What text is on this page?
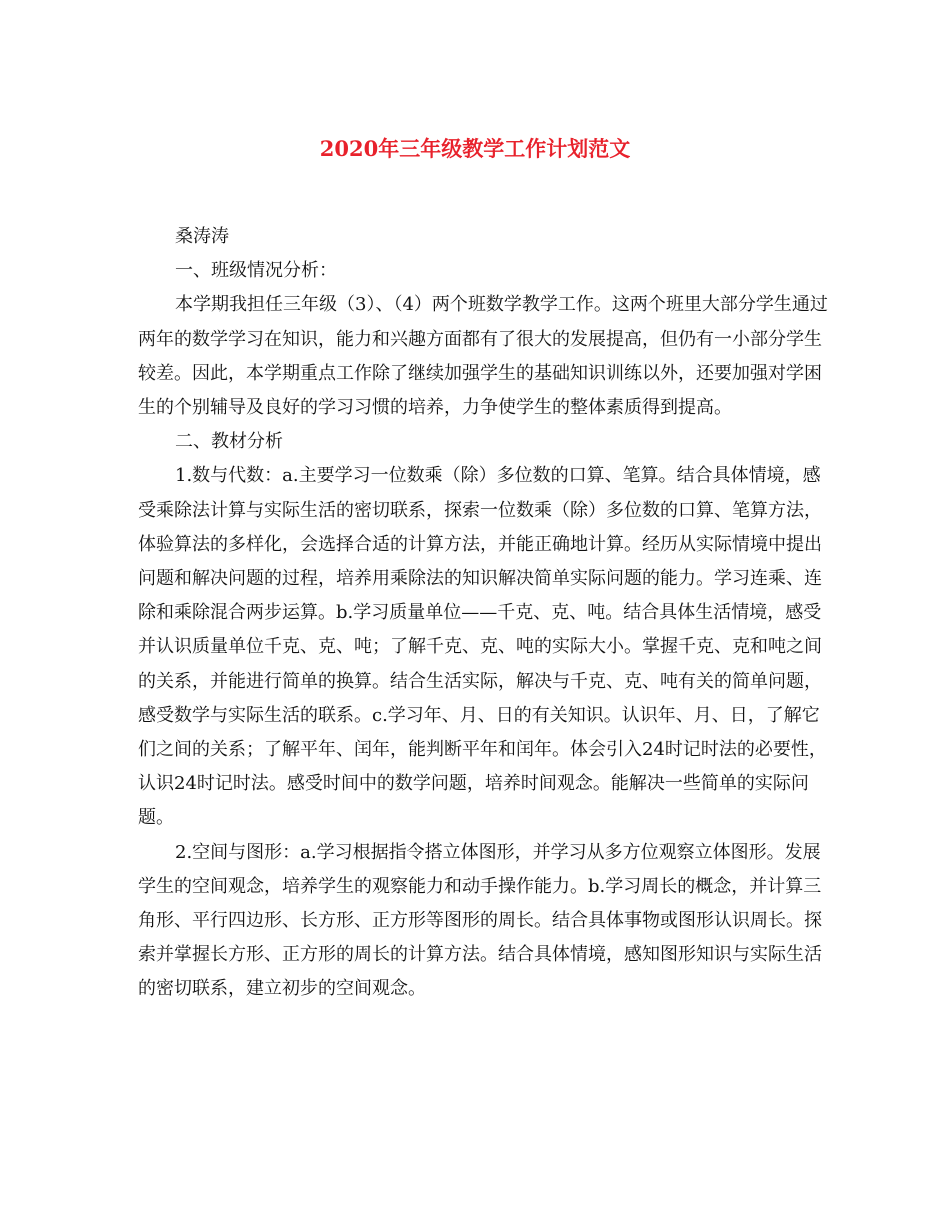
2020年三年级教学工作计划范文

桑涛涛

一、班级情况分析：

本学期我担任三年级（3）、（4）两个班数学教学工作。这两个班里大部分学生通过两年的数学学习在知识，能力和兴趣方面都有了很大的发展提高，但仍有一小部分学生较差。因此，本学期重点工作除了继续加强学生的基础知识训练以外，还要加强对学困生的个别辅导及良好的学习习惯的培养，力争使学生的整体素质得到提高。

二、教材分析

1.数与代数：a.主要学习一位数乘（除）多位数的口算、笔算。结合具体情境，感受乘除法计算与实际生活的密切联系，探索一位数乘（除）多位数的口算、笔算方法，体验算法的多样化，会选择合适的计算方法，并能正确地计算。经历从实际情境中提出问题和解决问题的过程，培养用乘除法的知识解决简单实际问题的能力。学习连乘、连除和乘除混合两步运算。b.学习质量单位——千克、克、吨。结合具体生活情境，感受并认识质量单位千克、克、吨；了解千克、克、吨的实际大小。掌握千克、克和吨之间的关系，并能进行简单的换算。结合生活实际，解决与千克、克、吨有关的简单问题，感受数学与实际生活的联系。c.学习年、月、日的有关知识。认识年、月、日，了解它们之间的关系；了解平年、闰年，能判断平年和闰年。体会引入24时记时法的必要性，认识24时记时法。感受时间中的数学问题，培养时间观念。能解决一些简单的实际问题。

2.空间与图形：a.学习根据指令搭立体图形，并学习从多方位观察立体图形。发展学生的空间观念，培养学生的观察能力和动手操作能力。b.学习周长的概念，并计算三角形、平行四边形、长方形、正方形等图形的周长。结合具体事物或图形认识周长。探索并掌握长方形、正方形的周长的计算方法。结合具体情境，感知图形知识与实际生活的密切联系，建立初步的空间观念。
